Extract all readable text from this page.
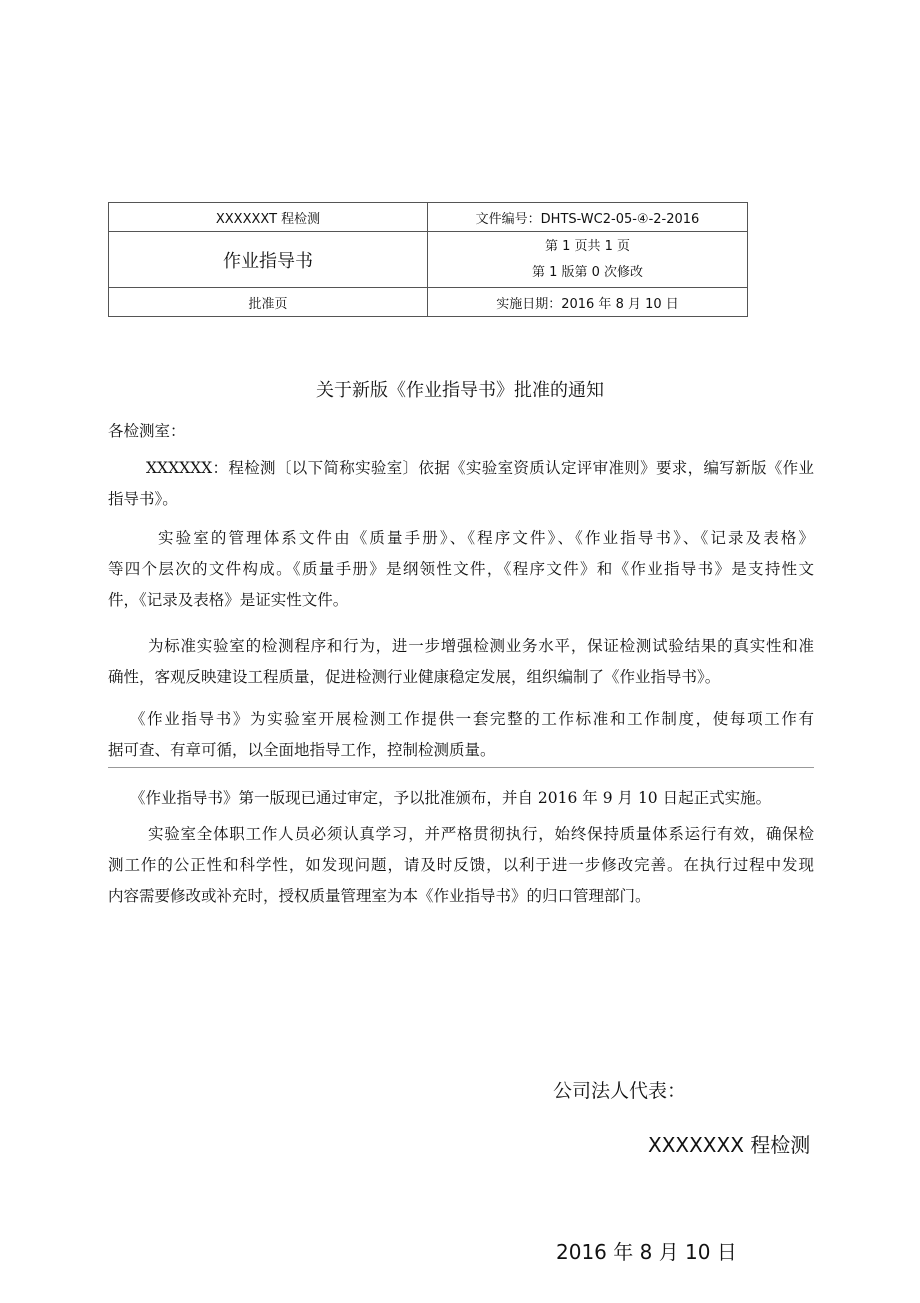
XXXXXXT 程检测	文件编号：DHTS-WC2-05-④-2-2016
作业指导书	第 1 页共 1 页
第 1 版第 0 次修改

批准页	实施日期：2016 年 8 月 10 日
关于新版《作业指导书》批准的通知
各检测室：
XXXXXX：程检测〔以下简称实验室〕依据《实验室资质认定评审准则》要求，编写新版《作业
指导书》。
实验室的管理体系文件由《质量手册》、《程序文件》、《作业指导书》、《记录及表格》
等四个层次的文件构成。《质量手册》是纲领性文件，《程序文件》和《作业指导书》是支持性文
件，《记录及表格》是证实性文件。
为标准实验室的检测程序和行为，进一步增强检测业务水平，保证检测试验结果的真实性和准
确性，客观反映建设工程质量，促进检测行业健康稳定发展，组织编制了《作业指导书》。
《作业指导书》为实验室开展检测工作提供一套完整的工作标准和工作制度，使每项工作有
据可查、有章可循，以全面地指导工作，控制检测质量。
《作业指导书》第一版现已通过审定，予以批准颁布，并自 2016 年 9 月 10 日起正式实施。
实验室全体职工作人员必须认真学习，并严格贯彻执行，始终保持质量体系运行有效，确保检
测工作的公正性和科学性，如发现问题，请及时反馈，以利于进一步修改完善。在执行过程中发现
内容需要修改或补充时，授权质量管理室为本《作业指导书》的归口管理部门。
公司法人代表：
XXXXXXX 程检测
2016 年 8 月 10 日
